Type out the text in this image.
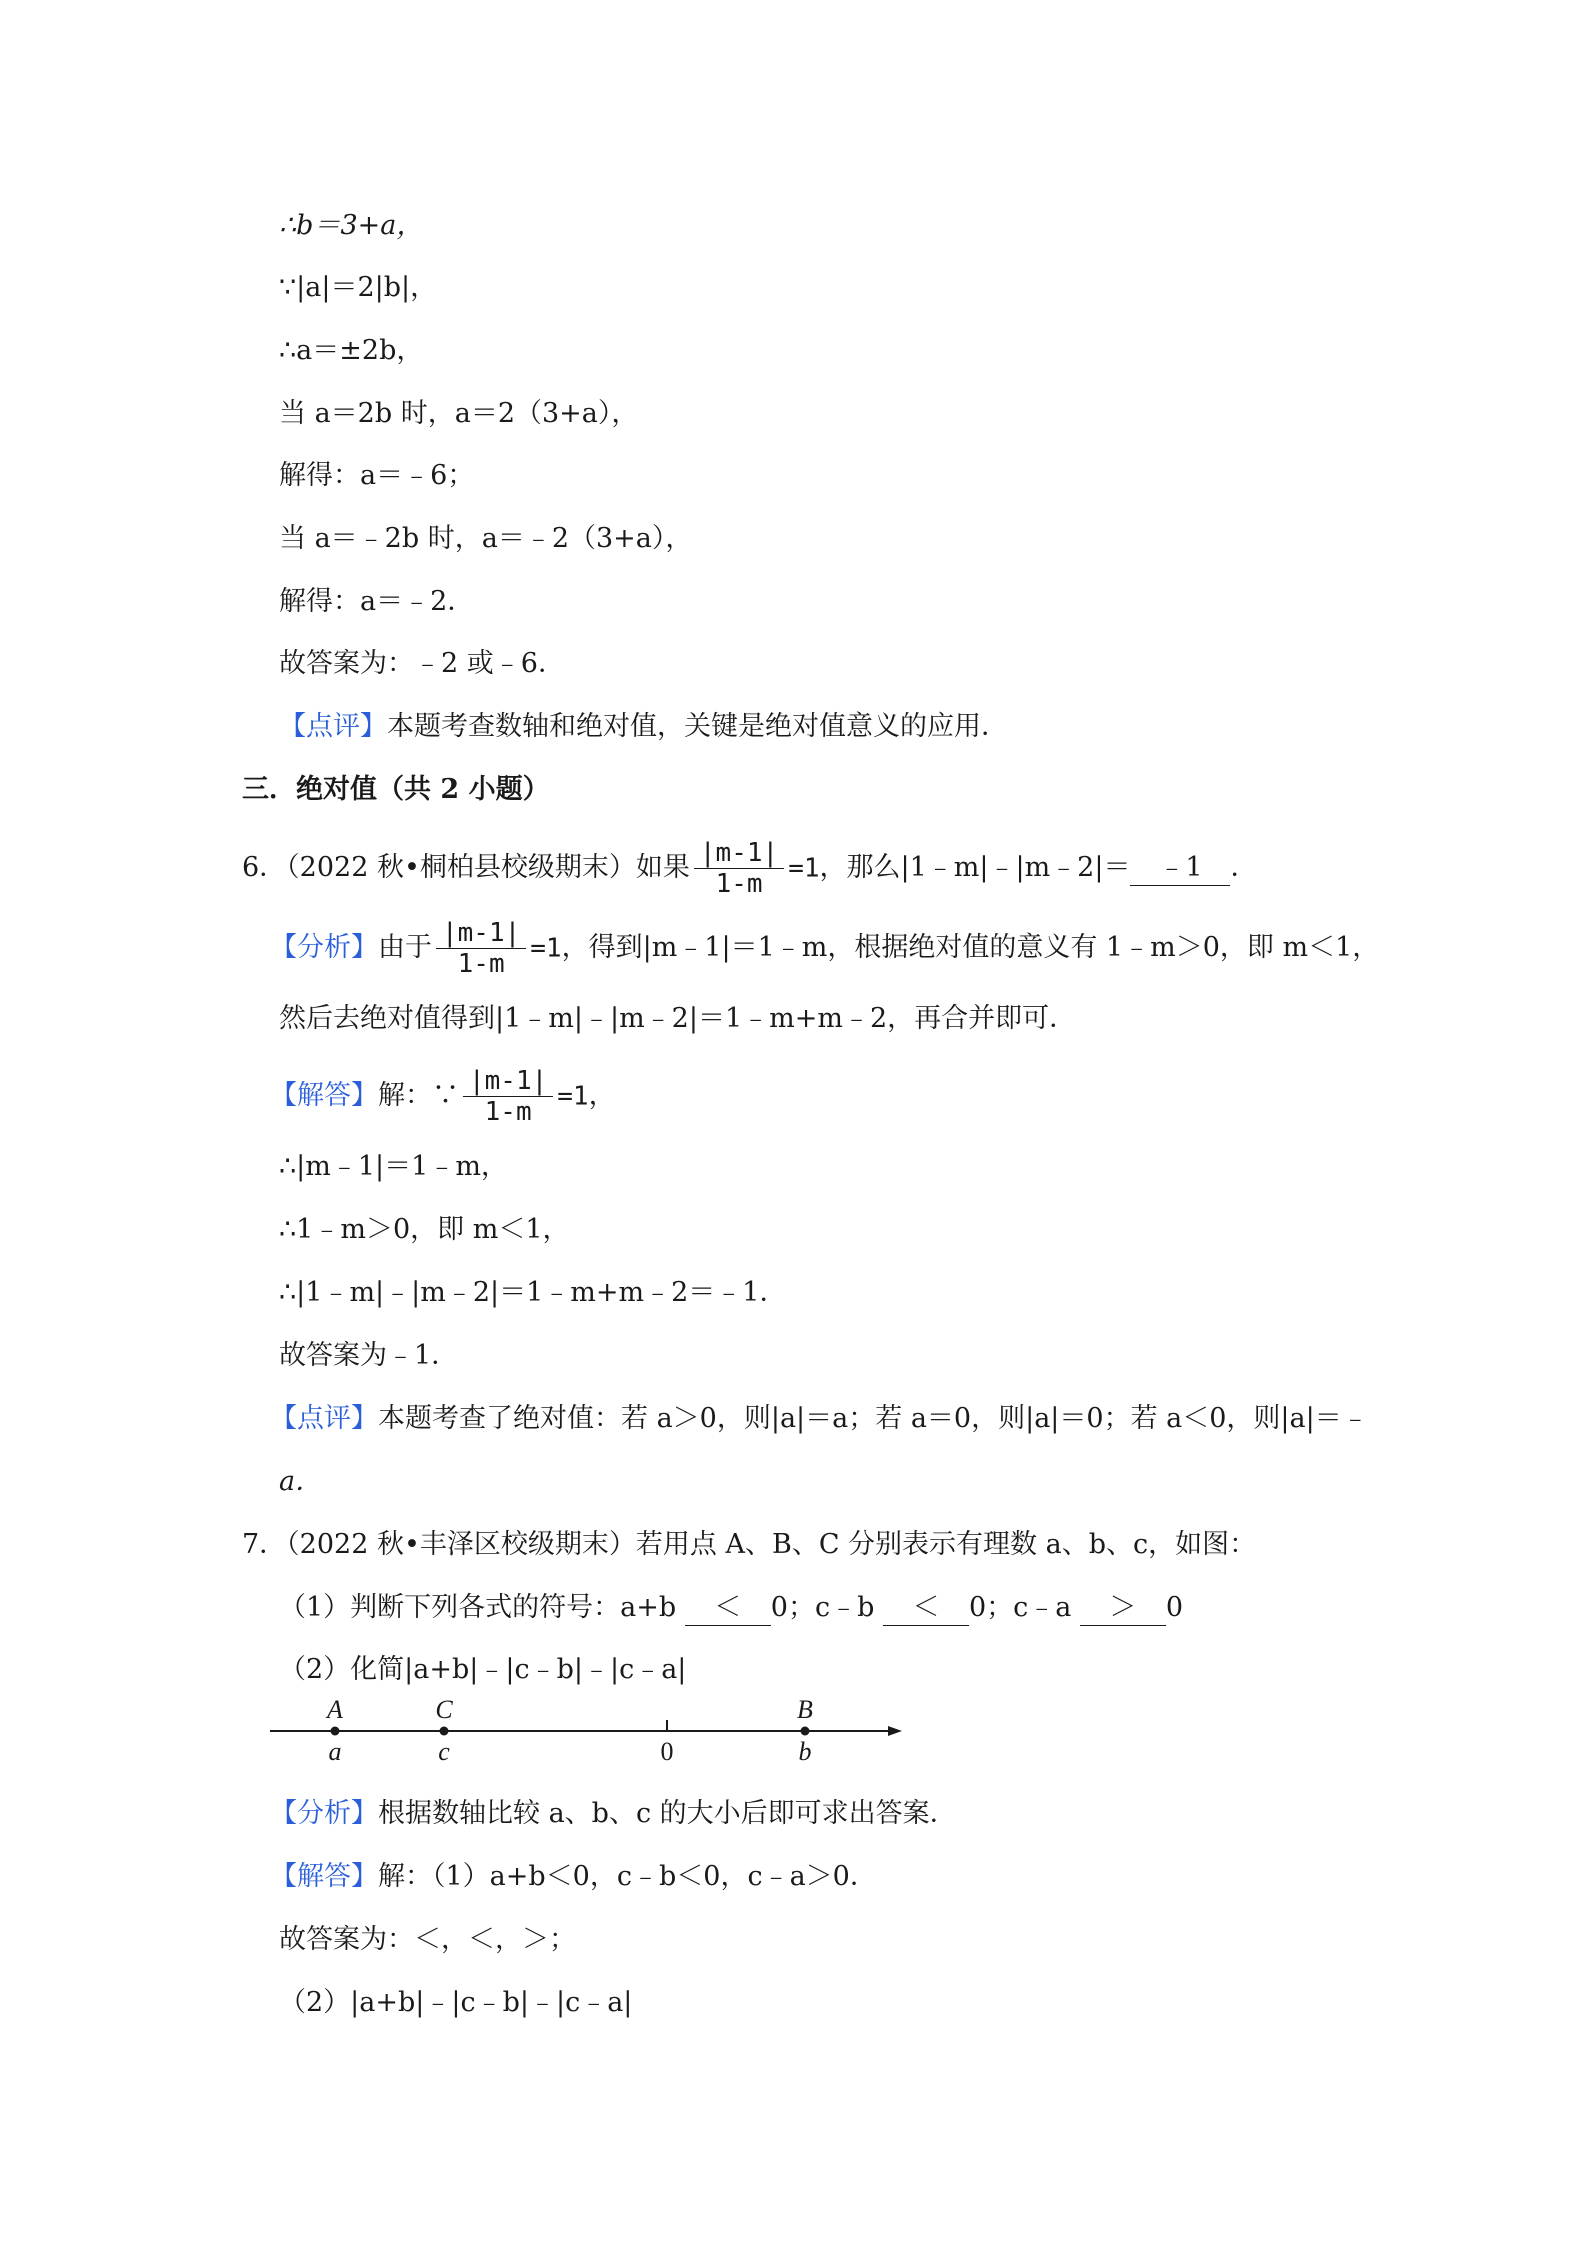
∴b＝3+a，
∵|a|＝2|b|，
∴a＝±2b，
当 a＝2b 时，a＝2（3+a），
解得：a＝﹣6；
当 a＝﹣2b 时，a＝﹣2（3+a），
解得：a＝﹣2．
故答案为：﹣2 或﹣6．
【点评】本题考查数轴和绝对值，关键是绝对值意义的应用．
三．绝对值（共 2 小题）
6．（2022 秋•桐柏县校级期末）如果 $\frac{|m-1|}{1-m} =1$，那么|1﹣m|﹣|m﹣2|＝ ﹣1 ．
【分析】由于 $\frac{|m-1|}{1-m} =1$，得到|m﹣1|＝1﹣m，根据绝对值的意义有 1﹣m＞0，即 m＜1，
然后去绝对值得到|1﹣m|﹣|m﹣2|＝1﹣m+m﹣2，再合并即可．
【解答】解：∵ $\frac{|m-1|}{1-m} =1$，
∴|m﹣1|＝1﹣m，
∴1﹣m＞0，即 m＜1，
∴|1﹣m|﹣|m﹣2|＝1﹣m+m﹣2＝﹣1．
故答案为﹣1．
【点评】本题考查了绝对值：若 a＞0，则|a|＝a；若 a＝0，则|a|＝0；若 a＜0，则|a|＝﹣
a．
7．（2022 秋•丰泽区校级期末）若用点 A、B、C 分别表示有理数 a、b、c，如图：
（1）判断下列各式的符号：a+b ＜ 0；c﹣b ＜ 0；c﹣a ＞ 0
（2）化简|a+b|﹣|c﹣b|﹣|c﹣a|
A	C	B
a	c	0	b
【分析】根据数轴比较 a、b、c 的大小后即可求出答案．
【解答】解：（1）a+b＜0，c﹣b＜0，c﹣a＞0．
故答案为：＜，＜，＞；
（2）|a+b|﹣|c﹣b|﹣|c﹣a|
